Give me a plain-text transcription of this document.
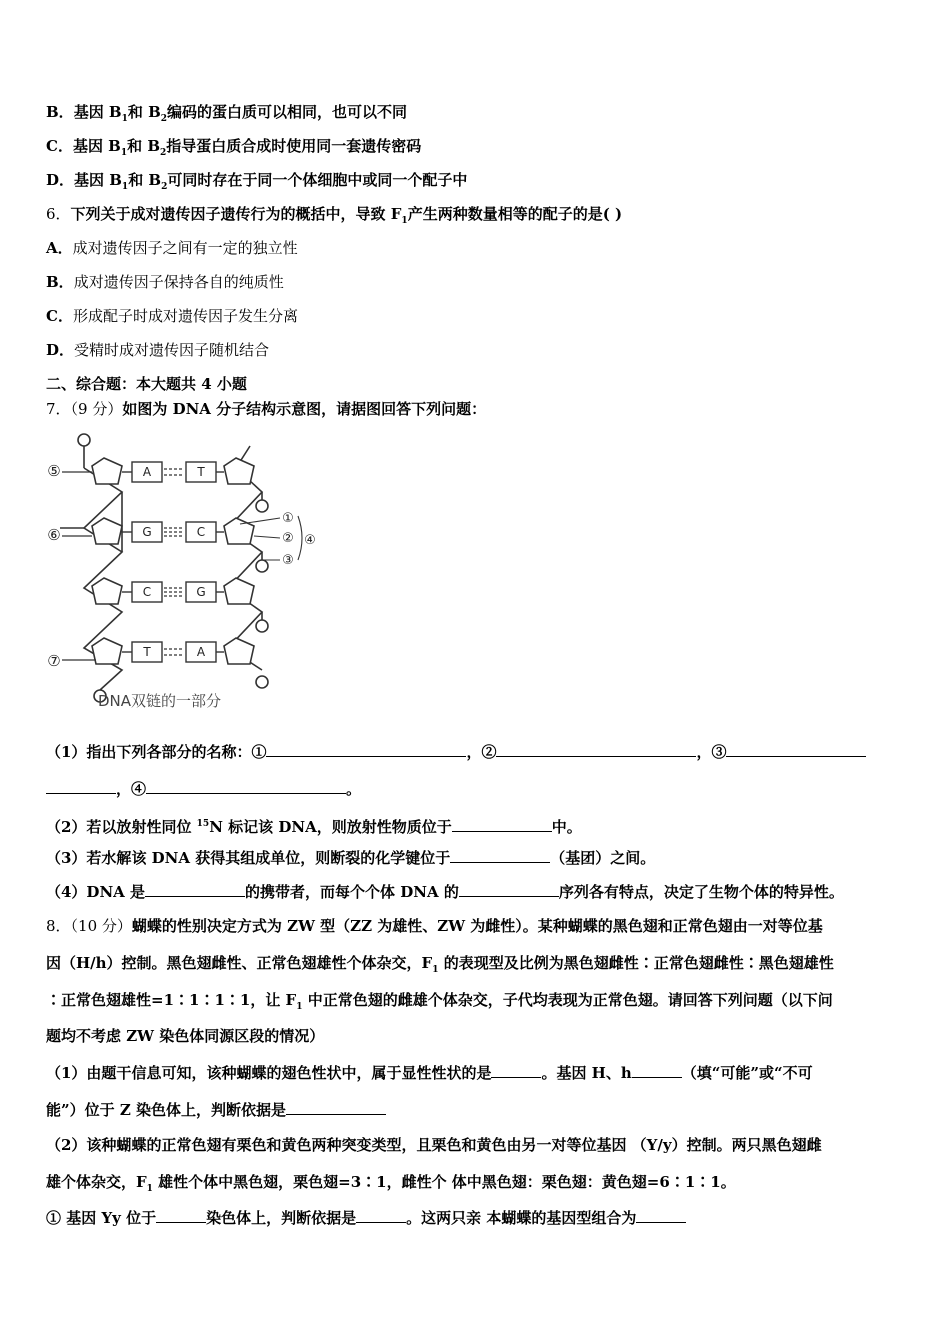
B．基因 $B_1$和 $B_2$编码的蛋白质可以相同，也可以不同
C．基因 $B_1$和 $B_2$指导蛋白质合成时使用同一套遗传密码
D．基因 $B_1$和 $B_2$可同时存在于同一个体细胞中或同一个配子中
6．下列关于成对遗传因子遗传行为的概括中，导致 $F_1$产生两种数量相等的配子的是( )
A．成对遗传因子之间有一定的独立性
B．成对遗传因子保持各自的纯质性
C．形成配子时成对遗传因子发生分离
D．受精时成对遗传因子随机结合
二、综合题：本大题共 4 小题
7．（9 分）如图为 DNA 分子结构示意图，请据图回答下列问题：
A	T
G	C
C	G
T	A
⑤
⑥
⑦
①
②
③
④
DNA双链的一部分
（1）指出下列各部分的名称：①	，②	，③
，④	。
（2）若以放射性同位 $^{15}$N 标记该 DNA，则放射性物质位于	中。
（3）若水解该 DNA 获得其组成单位，则断裂的化学键位于	（基团）之间。
（4）DNA 是	的携带者，而每个个体 DNA 的	序列各有特点，决定了生物个体的特异性。
8．（10 分）蝴蝶的性别决定方式为 ZW 型（ZZ 为雄性、ZW 为雌性）。某种蝴蝶的黑色翅和正常色翅由一对等位基
因（H/h）控制。黑色翅雌性、正常色翅雄性个体杂交，$F_1$ 的表现型及比例为黑色翅雌性∶正常色翅雌性∶黑色翅雄性
∶正常色翅雄性=1∶1∶1∶1，让 $F_1$ 中正常色翅的雌雄个体杂交，子代均表现为正常色翅。请回答下列问题（以下问
题均不考虑 ZW 染色体同源区段的情况）
（1）由题干信息可知，该种蝴蝶的翅色性状中，属于显性性状的是	。基因 H、h	（填“可能”或“不可
能”）位于 Z 染色体上，判断依据是
（2）该种蝴蝶的正常色翅有栗色和黄色两种突变类型，且栗色和黄色由另一对等位基因 （Y/y）控制。两只黑色翅雌
雄个体杂交，$F_1$ 雄性个体中黑色翅，栗色翅=3∶1，雌性个 体中黑色翅：栗色翅：黄色翅=6∶1∶1。
① 基因 Yy 位于	染色体上，判断依据是	。这两只亲 本蝴蝶的基因型组合为
